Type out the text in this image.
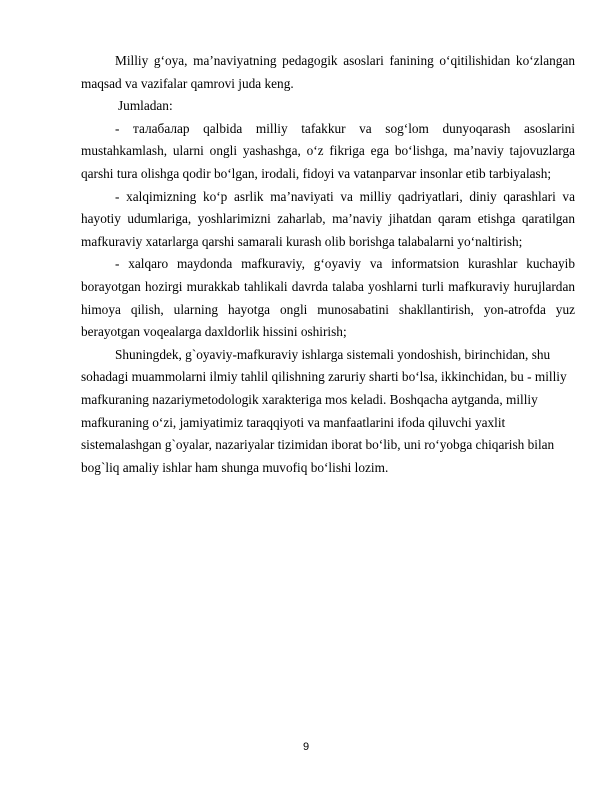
Milliy g‘oya, ma’naviyatning pedagogik asoslari fanining o‘qitilishidan ko‘zlangan maqsad va vazifalar qamrovi juda keng.

Jumladan:

- талабалар qalbida milliy tafakkur va sog‘lom dunyoqarash asoslarini mustahkamlash, ularni ongli yashashga, o‘z fikriga ega bo‘lishga, ma’naviy tajovuzlarga qarshi tura olishga qodir bo‘lgan, irodali, fidoyi va vatanparvar insonlar etib tarbiyalash;

- xalqimizning ko‘p asrlik ma’naviyati va milliy qadriyatlari, diniy qarashlari va hayotiy udumlariga, yoshlarimizni zaharlab, ma’naviy jihatdan qaram etishga qaratilgan mafkuraviy xatarlarga qarshi samarali kurash olib borishga talabalarni yo‘naltirish;

- xalqaro maydonda mafkuraviy, g‘oyaviy va informatsion kurashlar kuchayib borayotgan hozirgi murakkab tahlikali davrda talaba yoshlarni turli mafkuraviy hurujlardan himoya qilish, ularning hayotga ongli munosabatini shakllantirish, yon-atrofda yuz berayotgan voqealarga daxldorlik hissini oshirish;

Shuningdek, g`oyaviy-mafkuraviy ishlarga sistemali yondoshish, birinchidan, shu sohadagi muammolarni ilmiy tahlil qilishning zaruriy sharti bo‘lsa, ikkinchidan, bu - milliy mafkuraning nazariymetodologik xarakteriga mos keladi. Boshqacha aytganda, milliy mafkuraning o‘zi, jamiyatimiz taraqqiyoti va manfaatlarini ifoda qiluvchi yaxlit sistemalashgan g`oyalar, nazariyalar tizimidan iborat bo‘lib, uni ro‘yobga chiqarish bilan bog`liq amaliy ishlar ham shunga muvofiq bo‘lishi lozim.

9
